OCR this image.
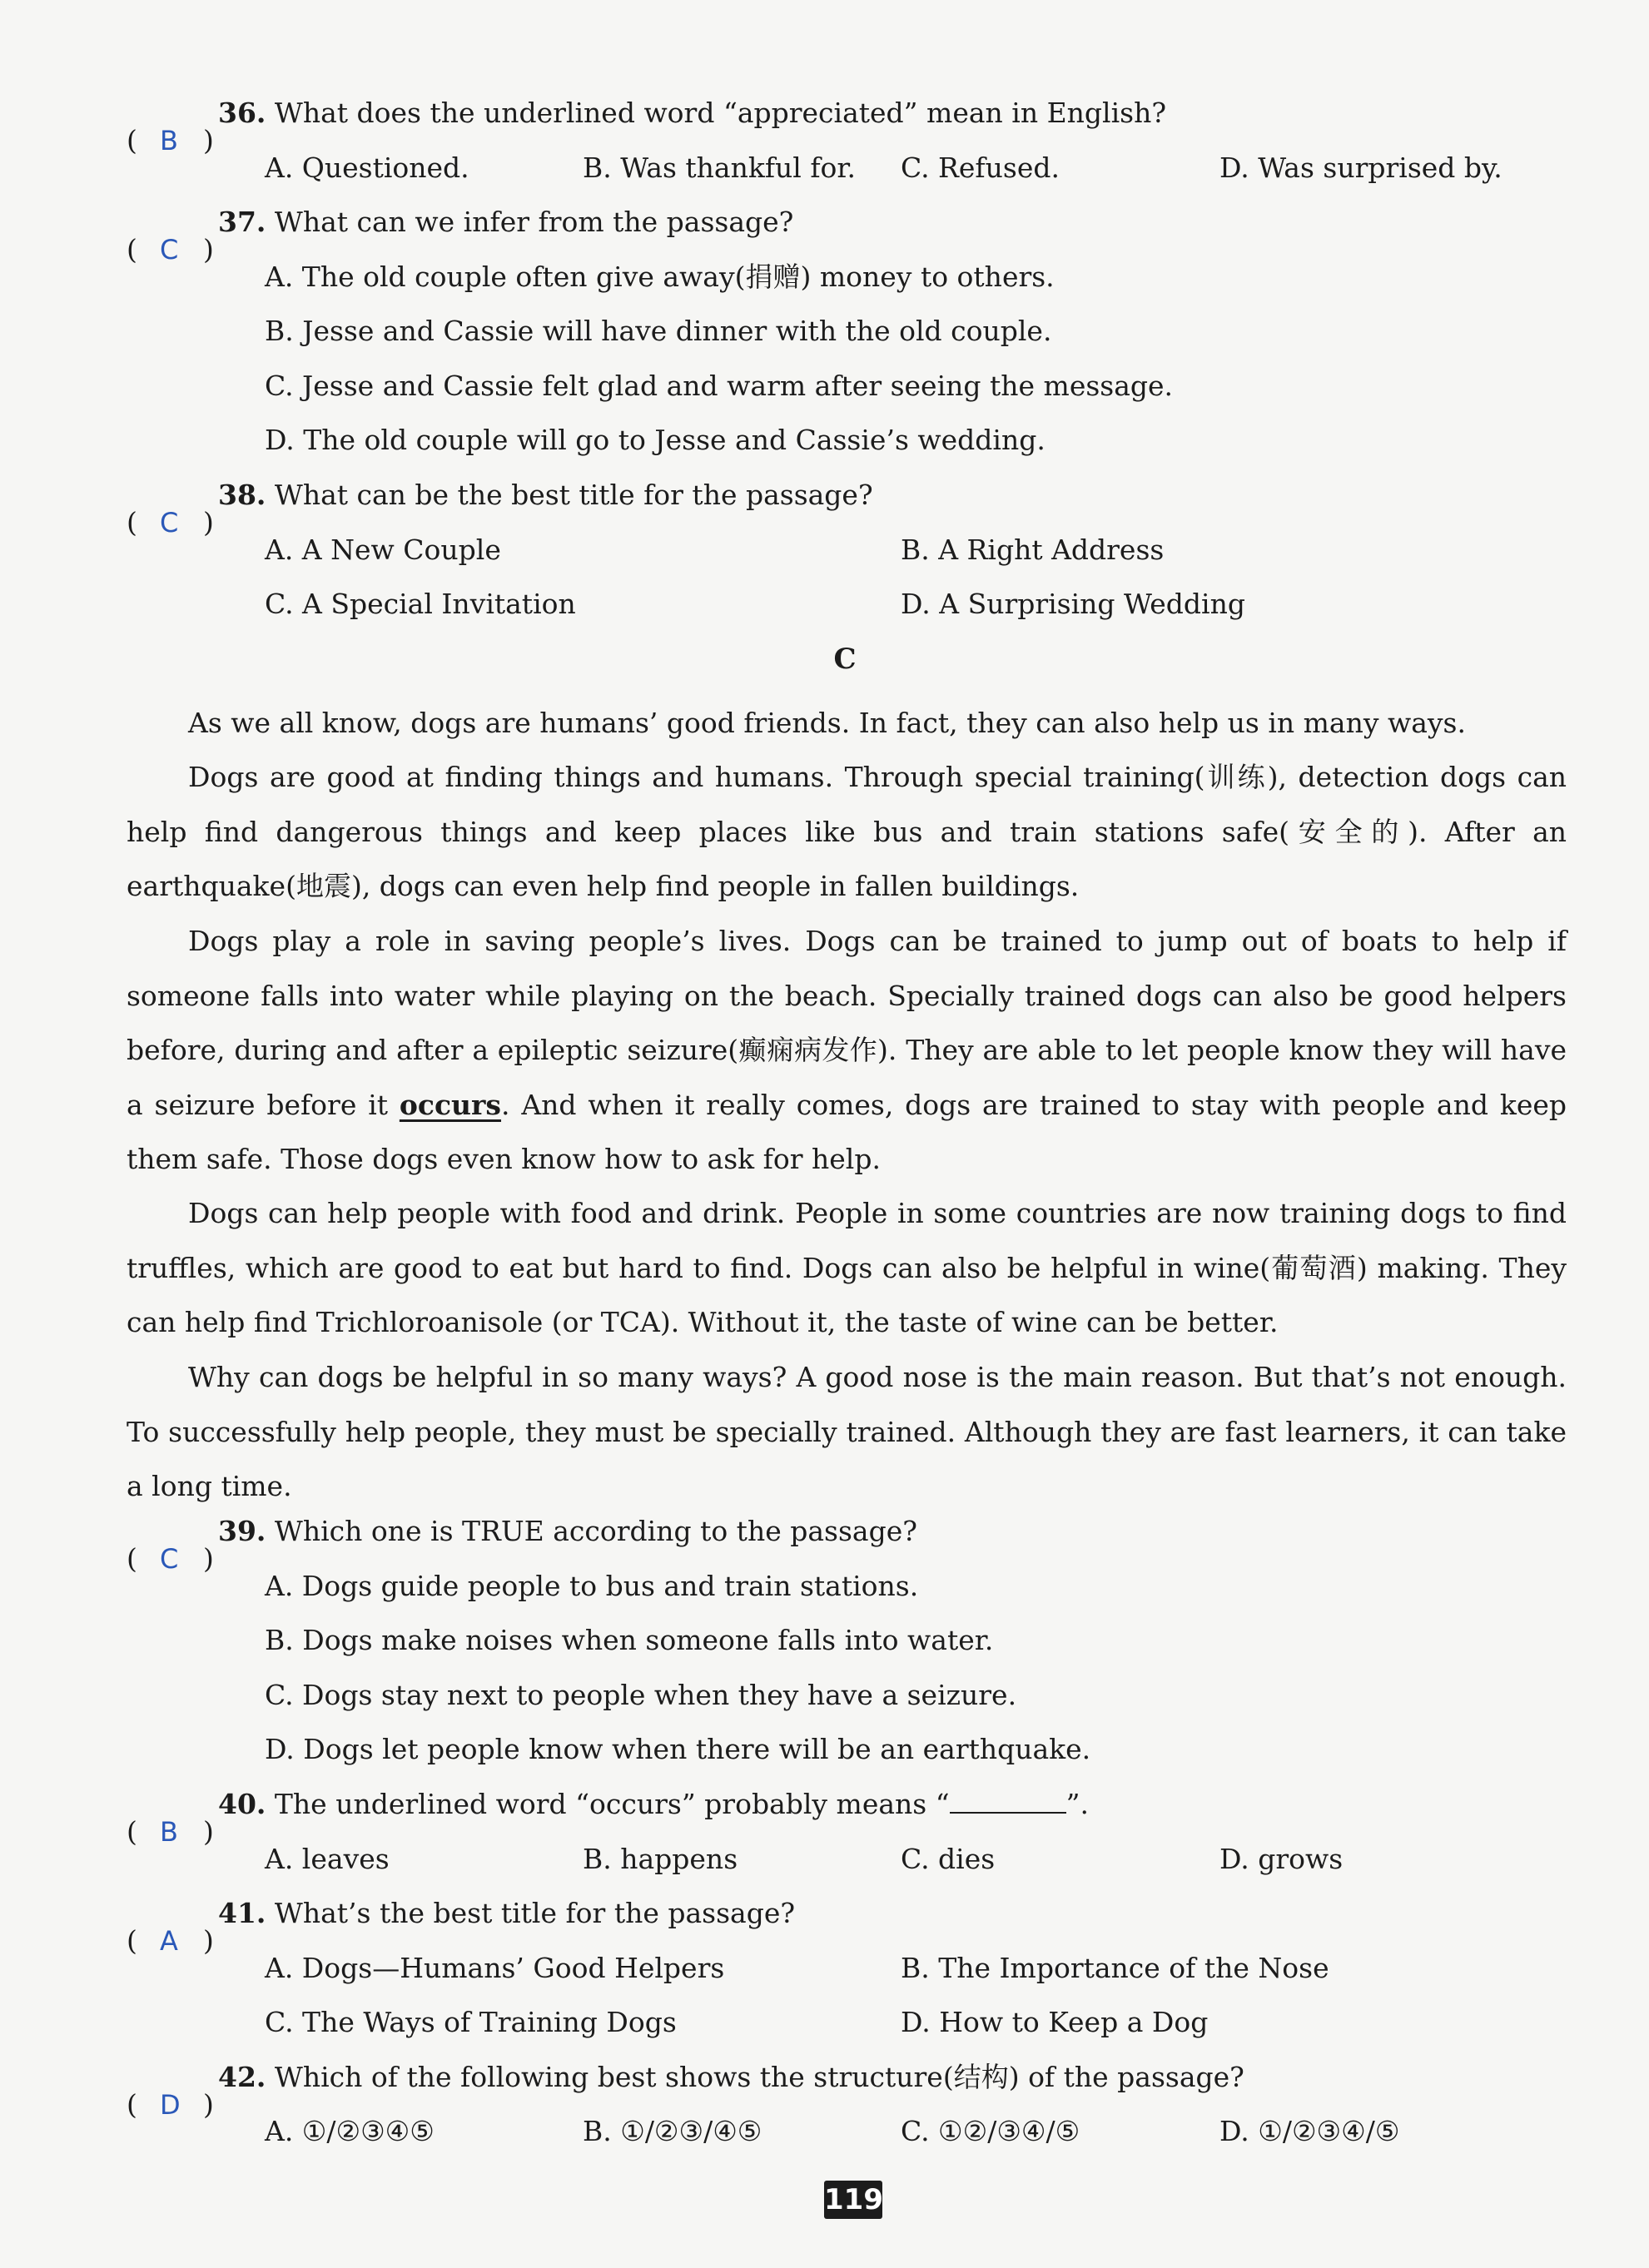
( B )
36. What does the underlined word “appreciated” mean in English?
A. Questioned.	B. Was thankful for. C. Refused.	D. Was surprised by.
( C )
37. What can we infer from the passage?
A. The old couple often give away(捐赠) money to others.
B. Jesse and Cassie will have dinner with the old couple.
C. Jesse and Cassie felt glad and warm after seeing the message.
D. The old couple will go to Jesse and Cassie’s wedding.
( C )
38. What can be the best title for the passage?
A. A New Couple	B. A Right Address
C. A Special Invitation	D. A Surprising Wedding
C
As we all know, dogs are humans’ good friends. In fact, they can also help us in many ways.
Dogs are good at finding things and humans. Through special training(训练), detection dogs can help find dangerous things and keep places like bus and train stations safe(安全的). After an earthquake(地震), dogs can even help find people in fallen buildings.
Dogs play a role in saving people’s lives. Dogs can be trained to jump out of boats to help if someone falls into water while playing on the beach. Specially trained dogs can also be good helpers before, during and after a epileptic seizure(癫痫病发作). They are able to let people know they will have a seizure before it occurs. And when it really comes, dogs are trained to stay with people and keep them safe. Those dogs even know how to ask for help.
Dogs can help people with food and drink. People in some countries are now training dogs to find truffles, which are good to eat but hard to find. Dogs can also be helpful in wine(葡萄酒) making. They can help find Trichloroanisole (or TCA). Without it, the taste of wine can be better.
Why can dogs be helpful in so many ways? A good nose is the main reason. But that’s not enough. To successfully help people, they must be specially trained. Although they are fast learners, it can take a long time.
( C )
39. Which one is TRUE according to the passage?
A. Dogs guide people to bus and train stations.
B. Dogs make noises when someone falls into water.
C. Dogs stay next to people when they have a seizure.
D. Dogs let people know when there will be an earthquake.
( B )
40. The underlined word “occurs” probably means “	”.
A. leaves	B. happens	C. dies	D. grows
( A )
41. What’s the best title for the passage?
A. Dogs—Humans’ Good Helpers	B. The Importance of the Nose
C. The Ways of Training Dogs	D. How to Keep a Dog
( D )
42. Which of the following best shows the structure(结构) of the passage?
A. ①/②③④⑤	B. ①/②③/④⑤	C. ①②/③④/⑤	D. ①/②③④/⑤
119
